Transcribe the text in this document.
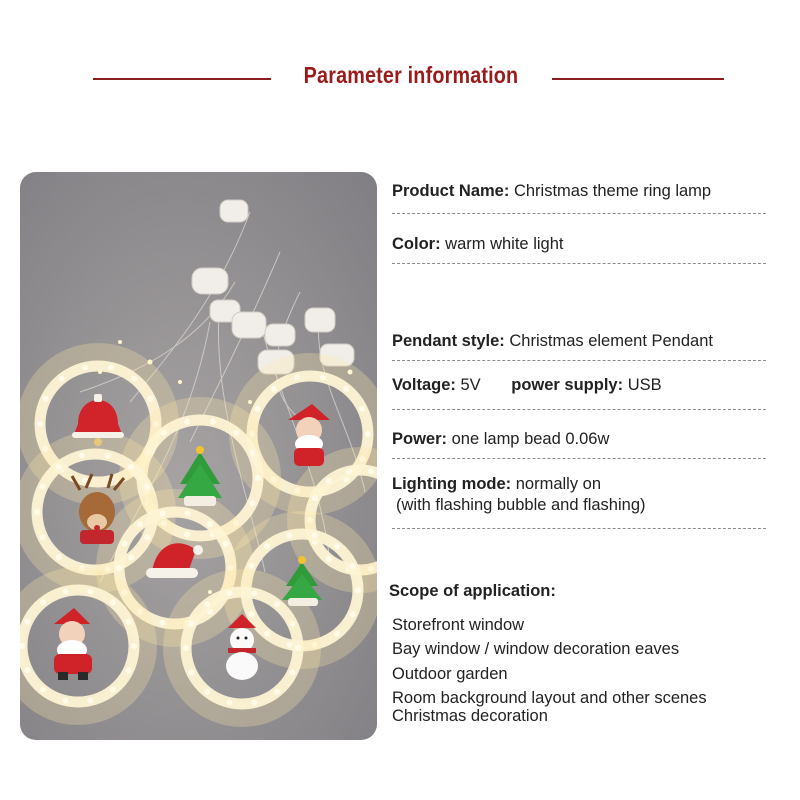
Parameter information
Product Name: Christmas theme ring lamp
Color: warm white light
Pendant style: Christmas element Pendant
Voltage: 5V power supply: USB
Power: one lamp bead 0.06w
Lighting mode: normally on
(with flashing bubble and flashing)
Scope of application:
Storefront window
Bay window / window decoration eaves
Outdoor garden
Room background layout and other scenes
Christmas decoration
